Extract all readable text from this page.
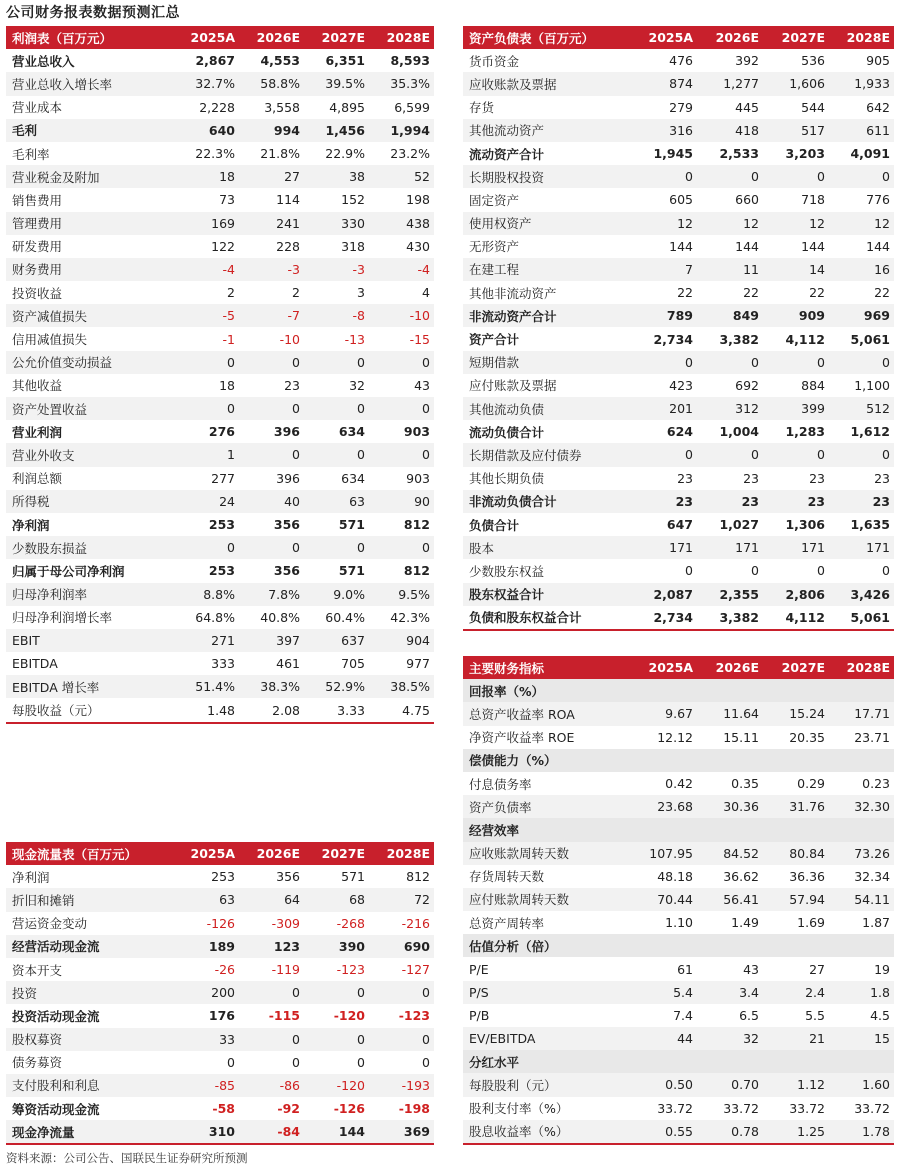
公司财务报表数据预测汇总
利润表（百万元）	2025A	2026E	2027E	2028E
营业总收入	2,867	4,553	6,351	8,593
营业总收入增长率	32.7%	58.8%	39.5%	35.3%
营业成本	2,228	3,558	4,895	6,599
毛利	640	994	1,456	1,994
毛利率	22.3%	21.8%	22.9%	23.2%
营业税金及附加	18	27	38	52
销售费用	73	114	152	198
管理费用	169	241	330	438
研发费用	122	228	318	430
财务费用	-4	-3	-3	-4
投资收益	2	2	3	4
资产减值损失	-5	-7	-8	-10
信用减值损失	-1	-10	-13	-15
公允价值变动损益	0	0	0	0
其他收益	18	23	32	43
资产处置收益	0	0	0	0
营业利润	276	396	634	903
营业外收支	1	0	0	0
利润总额	277	396	634	903
所得税	24	40	63	90
净利润	253	356	571	812
少数股东损益	0	0	0	0
归属于母公司净利润	253	356	571	812
归母净利润率	8.8%	7.8%	9.0%	9.5%
归母净利润增长率	64.8%	40.8%	60.4%	42.3%
EBIT	271	397	637	904
EBITDA	333	461	705	977
EBITDA 增长率	51.4%	38.3%	52.9%	38.5%
每股收益（元）	1.48	2.08	3.33	4.75
资产负债表（百万元）	2025A	2026E	2027E	2028E
货币资金	476	392	536	905
应收账款及票据	874	1,277	1,606	1,933
存货	279	445	544	642
其他流动资产	316	418	517	611
流动资产合计	1,945	2,533	3,203	4,091
长期股权投资	0	0	0	0
固定资产	605	660	718	776
使用权资产	12	12	12	12
无形资产	144	144	144	144
在建工程	7	11	14	16
其他非流动资产	22	22	22	22
非流动资产合计	789	849	909	969
资产合计	2,734	3,382	4,112	5,061
短期借款	0	0	0	0
应付账款及票据	423	692	884	1,100
其他流动负债	201	312	399	512
流动负债合计	624	1,004	1,283	1,612
长期借款及应付债券	0	0	0	0
其他长期负债	23	23	23	23
非流动负债合计	23	23	23	23
负债合计	647	1,027	1,306	1,635
股本	171	171	171	171
少数股东权益	0	0	0	0
股东权益合计	2,087	2,355	2,806	3,426
负债和股东权益合计	2,734	3,382	4,112	5,061
现金流量表（百万元）	2025A	2026E	2027E	2028E
净利润	253	356	571	812
折旧和摊销	63	64	68	72
营运资金变动	-126	-309	-268	-216
经营活动现金流	189	123	390	690
资本开支	-26	-119	-123	-127
投资	200	0	0	0
投资活动现金流	176	-115	-120	-123
股权募资	33	0	0	0
债务募资	0	0	0	0
支付股利和利息	-85	-86	-120	-193
筹资活动现金流	-58	-92	-126	-198
现金净流量	310	-84	144	369
主要财务指标	2025A	2026E	2027E	2028E
回报率（%）				
总资产收益率 ROA	9.67	11.64	15.24	17.71
净资产收益率 ROE	12.12	15.11	20.35	23.71
偿债能力（%）				
付息债务率	0.42	0.35	0.29	0.23
资产负债率	23.68	30.36	31.76	32.30
经营效率				
应收账款周转天数	107.95	84.52	80.84	73.26
存货周转天数	48.18	36.62	36.36	32.34
应付账款周转天数	70.44	56.41	57.94	54.11
总资产周转率	1.10	1.49	1.69	1.87
估值分析（倍）				
P/E	61	43	27	19
P/S	5.4	3.4	2.4	1.8
P/B	7.4	6.5	5.5	4.5
EV/EBITDA	44	32	21	15
分红水平				
每股股利（元）	0.50	0.70	1.12	1.60
股利支付率（%）	33.72	33.72	33.72	33.72
股息收益率（%）	0.55	0.78	1.25	1.78
资料来源：公司公告、国联民生证券研究所预测
